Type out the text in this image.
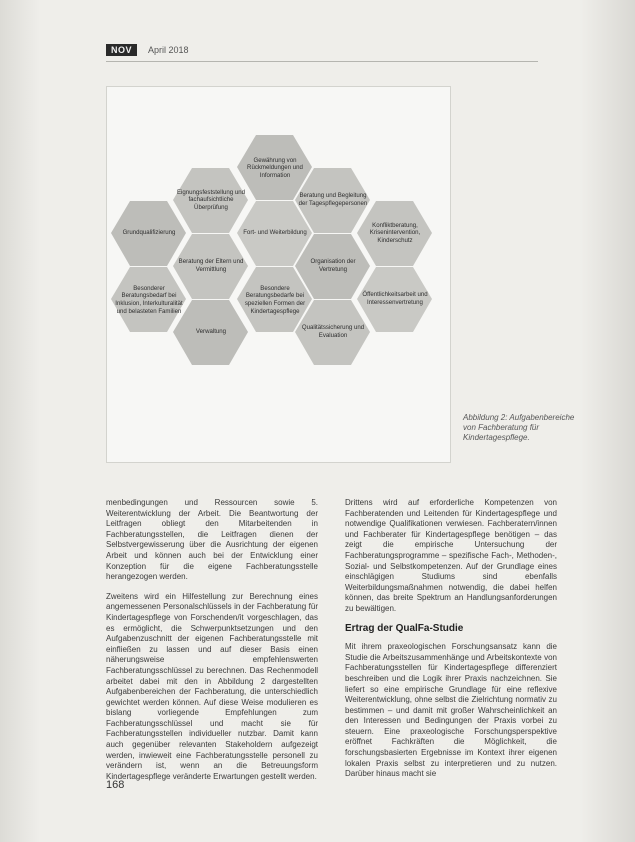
NOV	April 2018
Gewährung von Rückmeldungen und Information
Eignungsfeststellung und fachaufsichtliche Überprüfung
Beratung und Begleitung der Tagespflegepersonen
Grundqualifizierung	Fort- und Weiterbildung
Konfliktberatung, Krisenintervention, Kinderschutz
Beratung der Eltern und Vermittlung
Organisation der Vertretung
Besonderer Beratungsbedarf bei Inklusion, Interkulturalität und belasteten Familien
Besondere Beratungsbedarfe bei speziellen Formen der Kindertagespflege
Öffentlichkeitsarbeit und Interessenvertretung
Verwaltung
Qualitätssicherung und Evaluation
Abbildung 2: Aufgabenbereiche von Fachberatung für Kindertagespflege.

menbedingungen und Ressourcen sowie 5. Weiterentwicklung der Arbeit. Die Beantwortung der Leitfragen obliegt den Mitarbeitenden in Fachberatungsstellen, die Leitfragen dienen der Selbstvergewisserung über die Ausrichtung der eigenen Arbeit und können auch bei der Entwicklung einer Konzeption für die eigene Fachberatungsstelle herangezogen werden.

Zweitens wird ein Hilfestellung zur Berechnung eines angemessenen Personalschlüssels in der Fachberatung für Kindertagespflege von Forschenden/it vorgeschlagen, das es ermöglicht, die Schwerpunktsetzungen und den Aufgabenzuschnitt der eigenen Fachberatungsstelle mit einfließen zu lassen und auf dieser Basis einen näherungsweise empfehlenswerten Fachberatungsschlüssel zu berechnen. Das Rechenmodell arbeitet dabei mit den in Abbildung 2 dargestellten Aufgabenbereichen der Fachberatung, die unterschiedlich gewichtet werden können. Auf diese Weise modulieren es bislang vorliegende Empfehlungen zum Fachberatungsschlüssel und macht sie für Fachberatungsstellen individueller nutzbar. Damit kann auch gegenüber relevanten Stakeholdern aufgezeigt werden, inwieweit eine Fachberatungsstelle personell zu verändern ist, wenn an die Betreuungsform Kindertagespflege veränderte Erwartungen gestellt werden.

Drittens wird auf erforderliche Kompetenzen von Fachberatenden und Leitenden für Kindertagespflege und notwendige Qualifikationen verwiesen. Fachberatern/innen und Fachberater für Kindertagespflege benötigen – das zeigt die empirische Untersuchung der Fachberatungsprogramme – spezifische Fach-, Methoden-, Sozial- und Selbstkompetenzen. Auf der Grundlage eines einschlägigen Studiums sind ebenfalls Weiterbildungsmaßnahmen notwendig, die dabei helfen können, das breite Spektrum an Handlungsanforderungen zu bewältigen.

Ertrag der QualFa-Studie

Mit ihrem praxeologischen Forschungsansatz kann die Studie die Arbeitszusammenhänge und Arbeitskontexte von Fachberatungsstellen für Kindertagespflege differenziert beschreiben und die Logik ihrer Praxis nachzeichnen. Sie liefert so eine empirische Grundlage für eine reflexive Weiterentwicklung, ohne selbst die Zielrichtung normativ zu bestimmen – und damit mit großer Wahrscheinlichkeit an den Interessen und Bedingungen der Praxis vorbei zu steuern. Eine praxeologische Forschungsperspektive eröffnet Fachkräften die Möglichkeit, die forschungsbasierten Ergebnisse im Kontext ihrer eigenen lokalen Praxis selbst zu interpretieren und zu nutzen. Darüber hinaus macht sie

168
